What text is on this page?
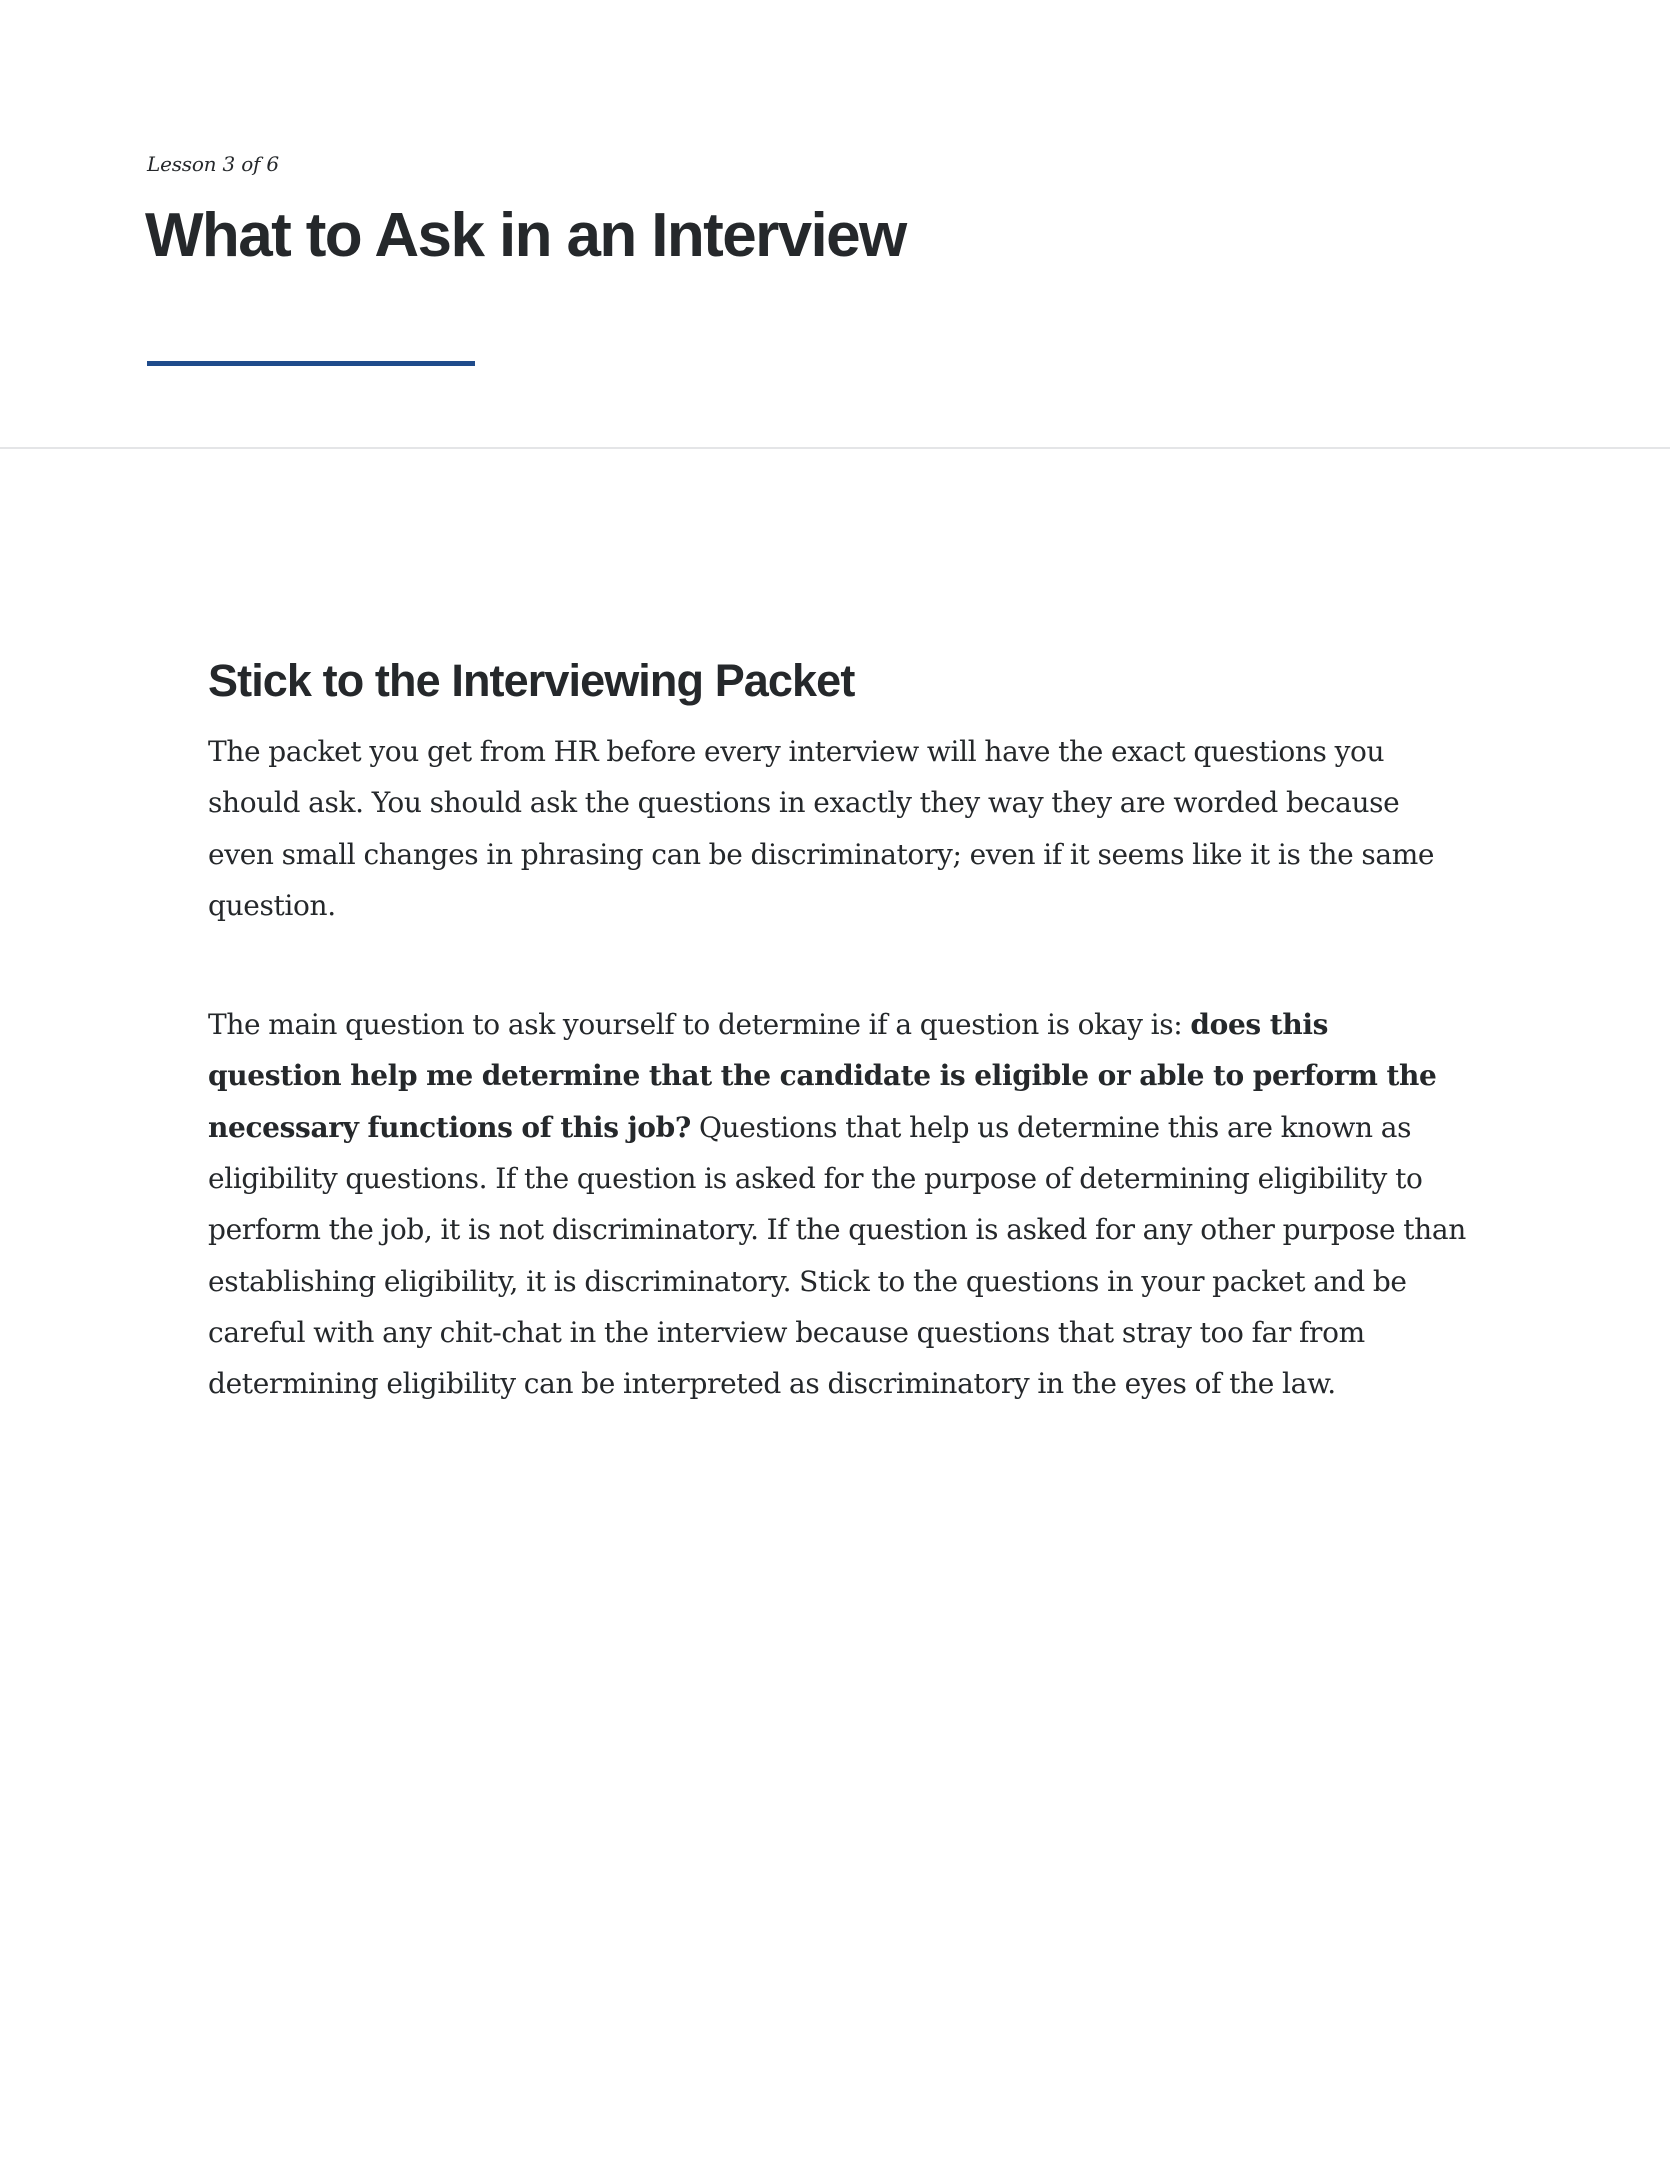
Lesson 3 of 6
What to Ask in an Interview
Stick to the Interviewing Packet

The packet you get from HR before every interview will have the exact questions you should ask. You should ask the questions in exactly they way they are worded because even small changes in phrasing can be discriminatory; even if it seems like it is the same question.

The main question to ask yourself to determine if a question is okay is: does this question help me determine that the candidate is eligible or able to perform the necessary functions of this job? Questions that help us determine this are known as eligibility questions. If the question is asked for the purpose of determining eligibility to perform the job, it is not discriminatory. If the question is asked for any other purpose than establishing eligibility, it is discriminatory. Stick to the questions in your packet and be careful with any chit-chat in the interview because questions that stray too far from determining eligibility can be interpreted as discriminatory in the eyes of the law.
